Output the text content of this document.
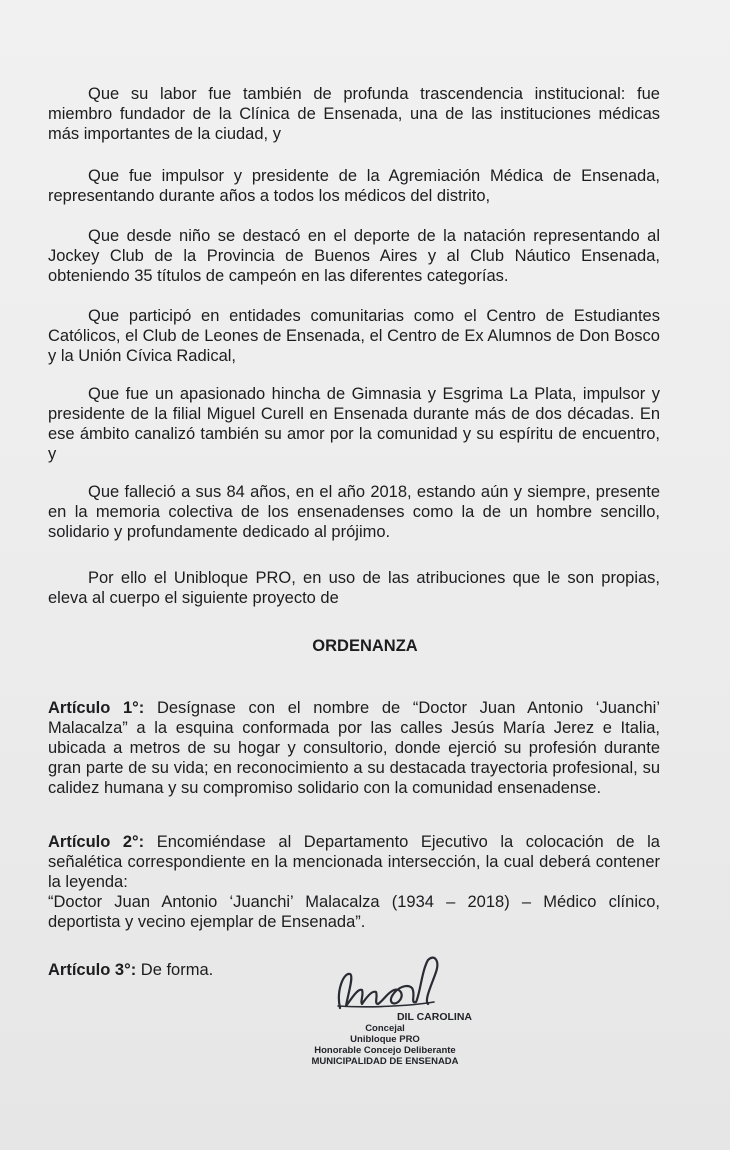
Que su labor fue también de profunda trascendencia institucional: fue miembro fundador de la Clínica de Ensenada, una de las instituciones médicas más importantes de la ciudad, y

Que fue impulsor y presidente de la Agremiación Médica de Ensenada, representando durante años a todos los médicos del distrito,

Que desde niño se destacó en el deporte de la natación representando al Jockey Club de la Provincia de Buenos Aires y al Club Náutico Ensenada, obteniendo 35 títulos de campeón en las diferentes categorías.

Que participó en entidades comunitarias como el Centro de Estudiantes Católicos, el Club de Leones de Ensenada, el Centro de Ex Alumnos de Don Bosco y la Unión Cívica Radical,

Que fue un apasionado hincha de Gimnasia y Esgrima La Plata, impulsor y presidente de la filial Miguel Curell en Ensenada durante más de dos décadas. En ese ámbito canalizó también su amor por la comunidad y su espíritu de encuentro, y

Que falleció a sus 84 años, en el año 2018, estando aún y siempre, presente en la memoria colectiva de los ensenadenses como la de un hombre sencillo, solidario y profundamente dedicado al prójimo.

Por ello el Unibloque PRO, en uso de las atribuciones que le son propias, eleva al cuerpo el siguiente proyecto de

ORDENANZA

Artículo 1°: Desígnase con el nombre de “Doctor Juan Antonio ‘Juanchi’ Malacalza” a la esquina conformada por las calles Jesús María Jerez e Italia, ubicada a metros de su hogar y consultorio, donde ejerció su profesión durante gran parte de su vida; en reconocimiento a su destacada trayectoria profesional, su calidez humana y su compromiso solidario con la comunidad ensenadense.

Artículo 2°: Encomiéndase al Departamento Ejecutivo la colocación de la señalética correspondiente en la mencionada intersección, la cual deberá contener la leyenda:

“Doctor Juan Antonio ‘Juanchi’ Malacalza (1934 – 2018) – Médico clínico, deportista y vecino ejemplar de Ensenada”.

Artículo 3°: De forma.

DIL CAROLINA
Concejal
Unibloque PRO
Honorable Concejo Deliberante
MUNICIPALIDAD DE ENSENADA
